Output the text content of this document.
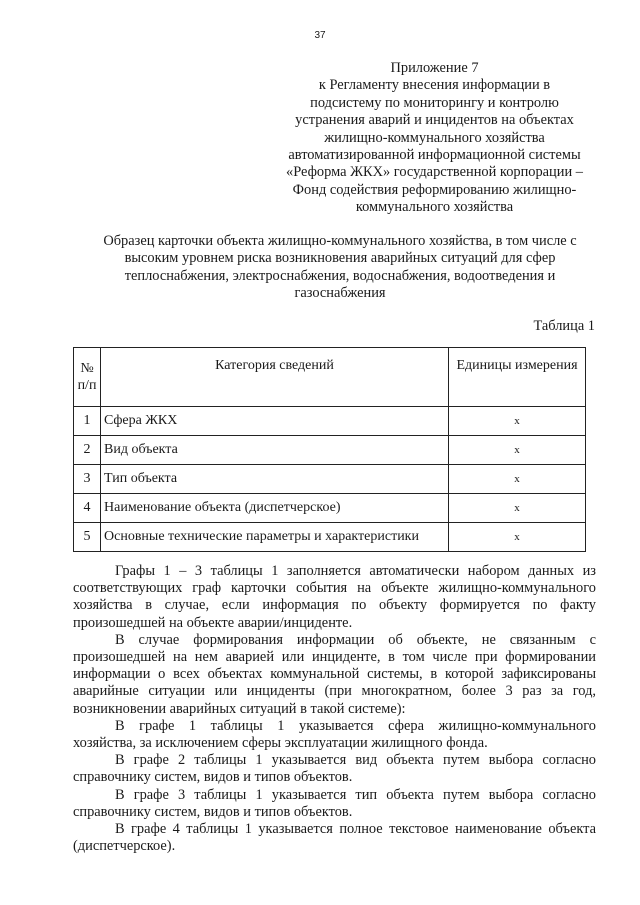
37
Приложение 7
к Регламенту внесения информации в
подсистему по мониторингу и контролю
устранения аварий и инцидентов на объектах
жилищно-коммунального хозяйства
автоматизированной информационной системы
«Реформа ЖКХ» государственной корпорации –
Фонд содействия реформированию жилищно-
коммунального хозяйства
Образец карточки объекта жилищно-коммунального хозяйства, в том числе с
высоким уровнем риска возникновения аварийных ситуаций для сфер
теплоснабжения, электроснабжения, водоснабжения, водоотведения и
газоснабжения
Таблица 1
№
п/п	Категория сведений	Единицы измерения
1	Сфера ЖКХ	х
2	Вид объекта	х
3	Тип объекта	х
4	Наименование объекта (диспетчерское)	х
5	Основные технические параметры и характеристики	х

Графы 1 – 3 таблицы 1 заполняется автоматически набором данных из
соответствующих граф карточки события на объекте жилищно-коммунального
хозяйства в случае, если информация по объекту формируется по факту
произошедшей на объекте аварии/инциденте.

В случае формирования информации об объекте, не связанным с
произошедшей на нем аварией или инциденте, в том числе при формировании
информации о всех объектах коммунальной системы, в которой зафиксированы
аварийные ситуации или инциденты (при многократном, более 3 раз за год,
возникновении аварийных ситуаций в такой системе):

В графе 1 таблицы 1 указывается сфера жилищно-коммунального
хозяйства, за исключением сферы эксплуатации жилищного фонда.

В графе 2 таблицы 1 указывается вид объекта путем выбора согласно
справочнику систем, видов и типов объектов.

В графе 3 таблицы 1 указывается тип объекта путем выбора согласно
справочнику систем, видов и типов объектов.

В графе 4 таблицы 1 указывается полное текстовое наименование объекта
(диспетчерское).
